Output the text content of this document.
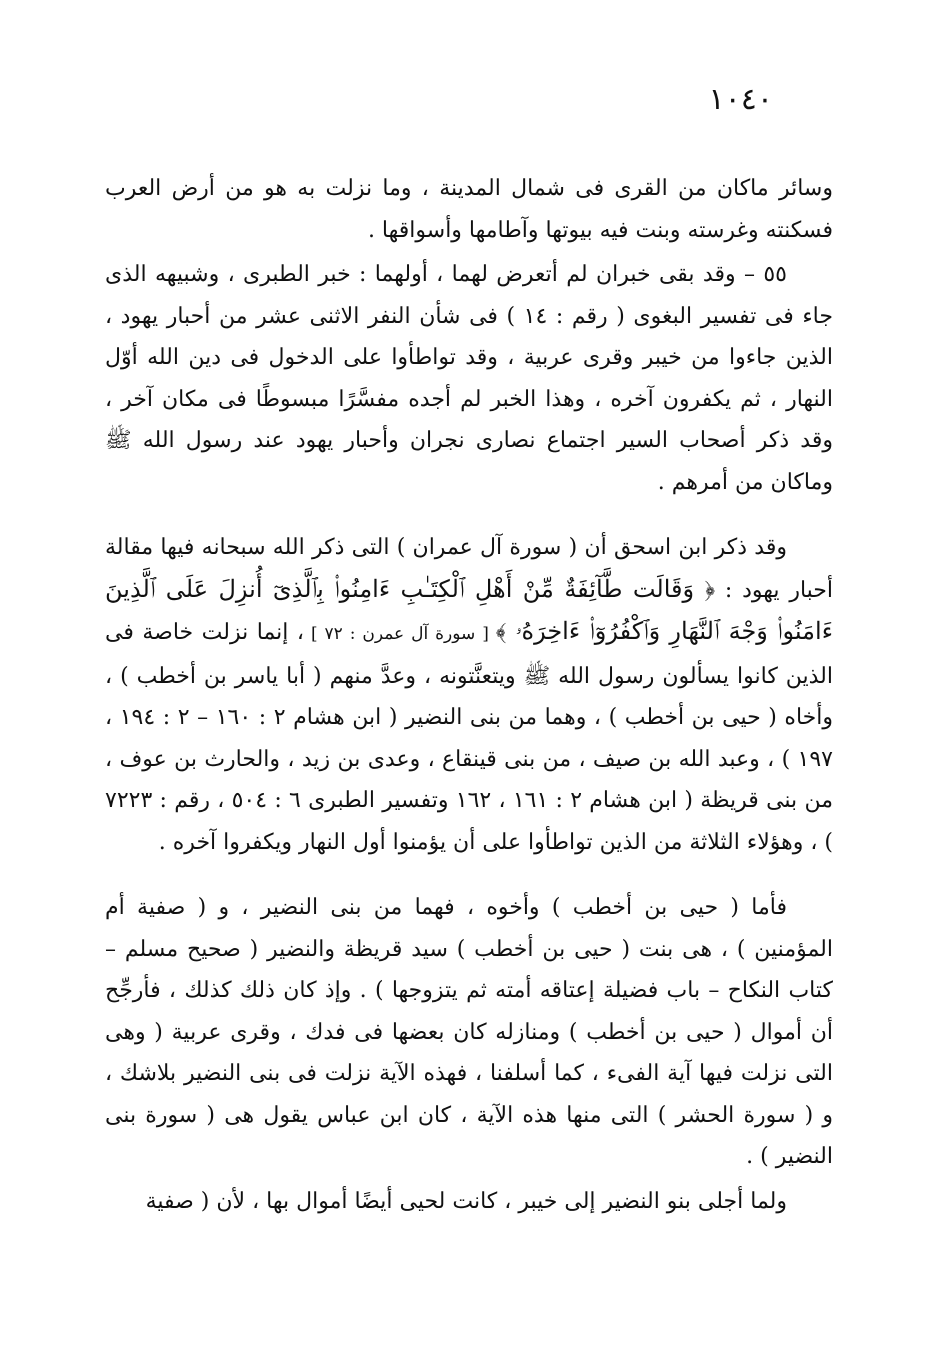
١٠٤٠

وسائر ماكان من القرى فى شمال المدينة ، وما نزلت به هو من أرض العرب فسكنته وغرسته وبنت فيه بيوتها وآطامها وأسواقها .

٥٥ – وقد بقى خبران لم أتعرض لهما ، أولهما : خبر الطبرى ، وشبيهه الذى جاء فى تفسير البغوى ( رقم : ١٤ ) فى شأن النفر الاثنى عشر من أحبار يهود ، الذين جاءوا من خيبر وقرى عربية ، وقد تواطأوا على الدخول فى دين الله أوّل النهار ، ثم يكفرون آخره ، وهذا الخبر لم أجده مفسَّرًا مبسوطًا فى مكان آخر ، وقد ذكر أصحاب السير اجتماع نصارى نجران وأحبار يهود عند رسول الله ﷺ وماكان من أمرهم .

وقد ذكر ابن اسحق أن ( سورة آل عمران ) التى ذكر الله سبحانه فيها مقالة أحبار يهود : ﴿ وَقَالَت طَّآئِفَةٌ مِّنْ أَهْلِ ٱلْكِتَـٰبِ ءَامِنُوا۟ بِٱلَّذِىٓ أُنزِلَ عَلَى ٱلَّذِينَ ءَامَنُوا۟ وَجْهَ ٱلنَّهَارِ وَٱكْفُرُوٓا۟ ءَاخِرَهُۥ ﴾ [ سورة آل عمرن : ٧٢ ] ، إنما نزلت خاصة فى الذين كانوا يسألون رسول الله ﷺ ويتعنَّتونه ، وعدَّ منهم ( أبا ياسر بن أخطب ) ، وأخاه ( حيى بن أخطب ) ، وهما من بنى النضير ( ابن هشام ٢ : ١٦٠ – ٢ : ١٩٤ ، ١٩٧ ) ، وعبد الله بن صيف ، من بنى قينقاع ، وعدى بن زيد ، والحارث بن عوف ، من بنى قريظة ( ابن هشام ٢ : ١٦١ ، ١٦٢ وتفسير الطبرى ٦ : ٥٠٤ ، رقم : ٧٢٢٣ ) ، وهؤلاء الثلاثة من الذين تواطأوا على أن يؤمنوا أول النهار ويكفروا آخره .

فأما ( حيى بن أخطب ) وأخوه ، فهما من بنى النضير ، و ( صفية أم المؤمنين ) ، هى بنت ( حيى بن أخطب ) سيد قريظة والنضير ( صحيح مسلم – كتاب النكاح – باب فضيلة إعتاقه أمته ثم يتزوجها ) . وإذ كان ذلك كذلك ، فأرجِّح أن أموال ( حيى بن أخطب ) ومنازله كان بعضها فى فدك ، وقرى عربية ( وهى التى نزلت فيها آية الفىء ، كما أسلفنا ، فهذه الآية نزلت فى بنى النضير بلاشك ، و ( سورة الحشر ) التى منها هذه الآية ، كان ابن عباس يقول هى ( سورة بنى النضير ) .

ولما أجلى بنو النضير إلى خيبر ، كانت لحيى أيضًا أموال بها ، لأن ( صفية
